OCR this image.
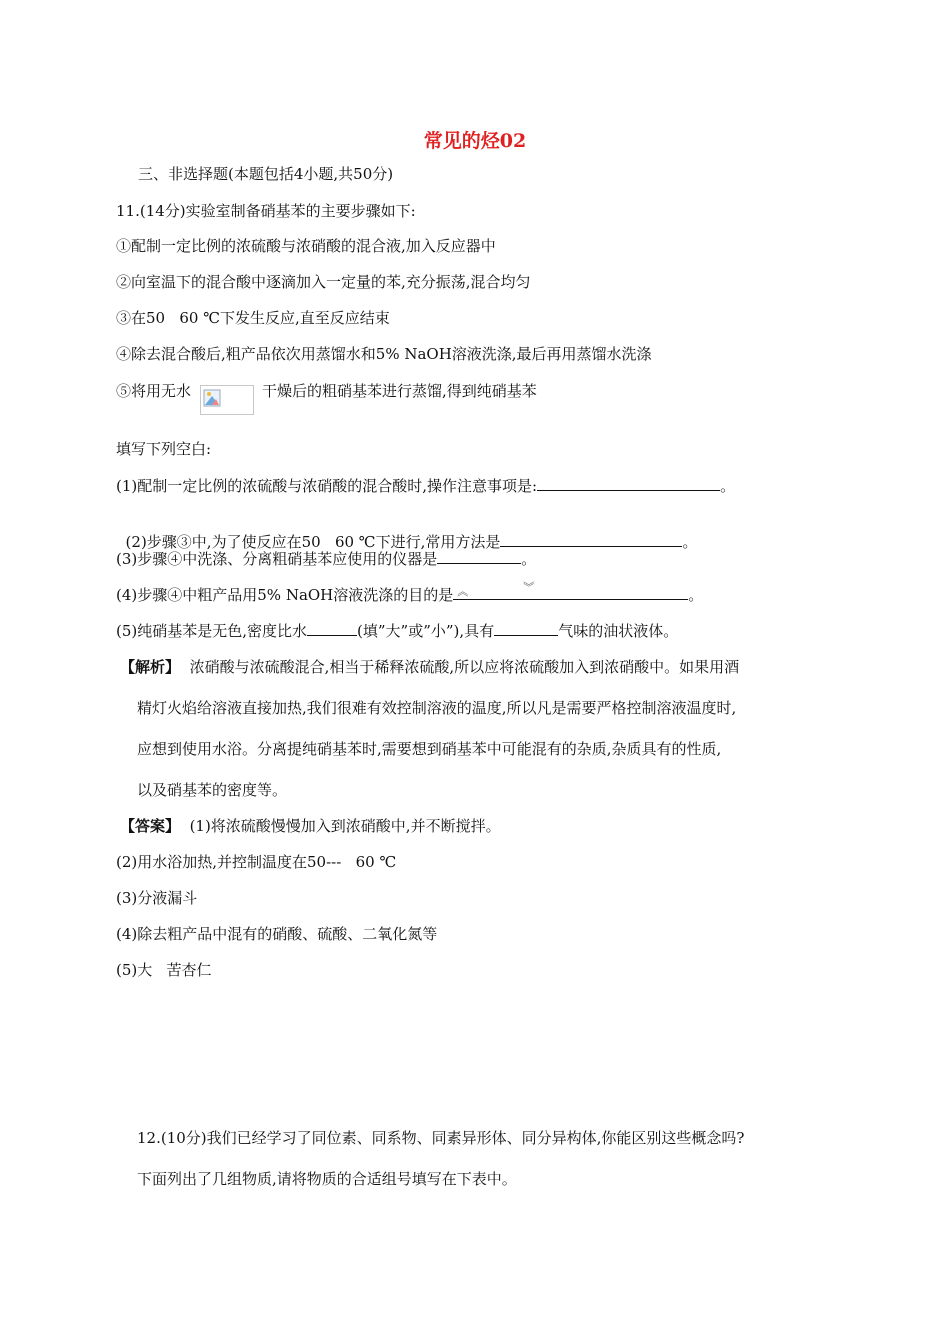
常见的烃02
三、非选择题(本题包括4小题,共50分)
11.(14分)实验室制备硝基苯的主要步骤如下:
①配制一定比例的浓硫酸与浓硝酸的混合液,加入反应器中
②向室温下的混合酸中逐滴加入一定量的苯,充分振荡,混合均匀
③在50   60 ℃下发生反应,直至反应结束
④除去混合酸后,粗产品依次用蒸馏水和5% NaOH溶液洗涤,最后再用蒸馏水洗涤
⑤将用无水	干燥后的粗硝基苯进行蒸馏,得到纯硝基苯
填写下列空白:
(1)配制一定比例的浓硫酸与浓硝酸的混合酸时,操作注意事项是:	。

(2)步骤③中,为了使反应在50   60 ℃下进行,常用方法是	。

(3)步骤④中洗涤、分离粗硝基苯应使用的仪器是	。
(4)步骤④中粗产品用5% NaOH溶液洗涤的目的是 ︽	︾	。
(5)纯硝基苯是无色,密度比水	(填”大”或”小”),具有	气味的油状液体。
【解析】 浓硝酸与浓硫酸混合,相当于稀释浓硫酸,所以应将浓硫酸加入到浓硝酸中。如果用酒
精灯火焰给溶液直接加热,我们很难有效控制溶液的温度,所以凡是需要严格控制溶液温度时,
应想到使用水浴。分离提纯硝基苯时,需要想到硝基苯中可能混有的杂质,杂质具有的性质,
以及硝基苯的密度等。
【答案】 (1)将浓硫酸慢慢加入到浓硝酸中,并不断搅拌。
(2)用水浴加热,并控制温度在50---   60 ℃
(3)分液漏斗
(4)除去粗产品中混有的硝酸、硫酸、二氧化氮等
(5)大   苦杏仁
12.(10分)我们已经学习了同位素、同系物、同素异形体、同分异构体,你能区别这些概念吗?
下面列出了几组物质,请将物质的合适组号填写在下表中。
